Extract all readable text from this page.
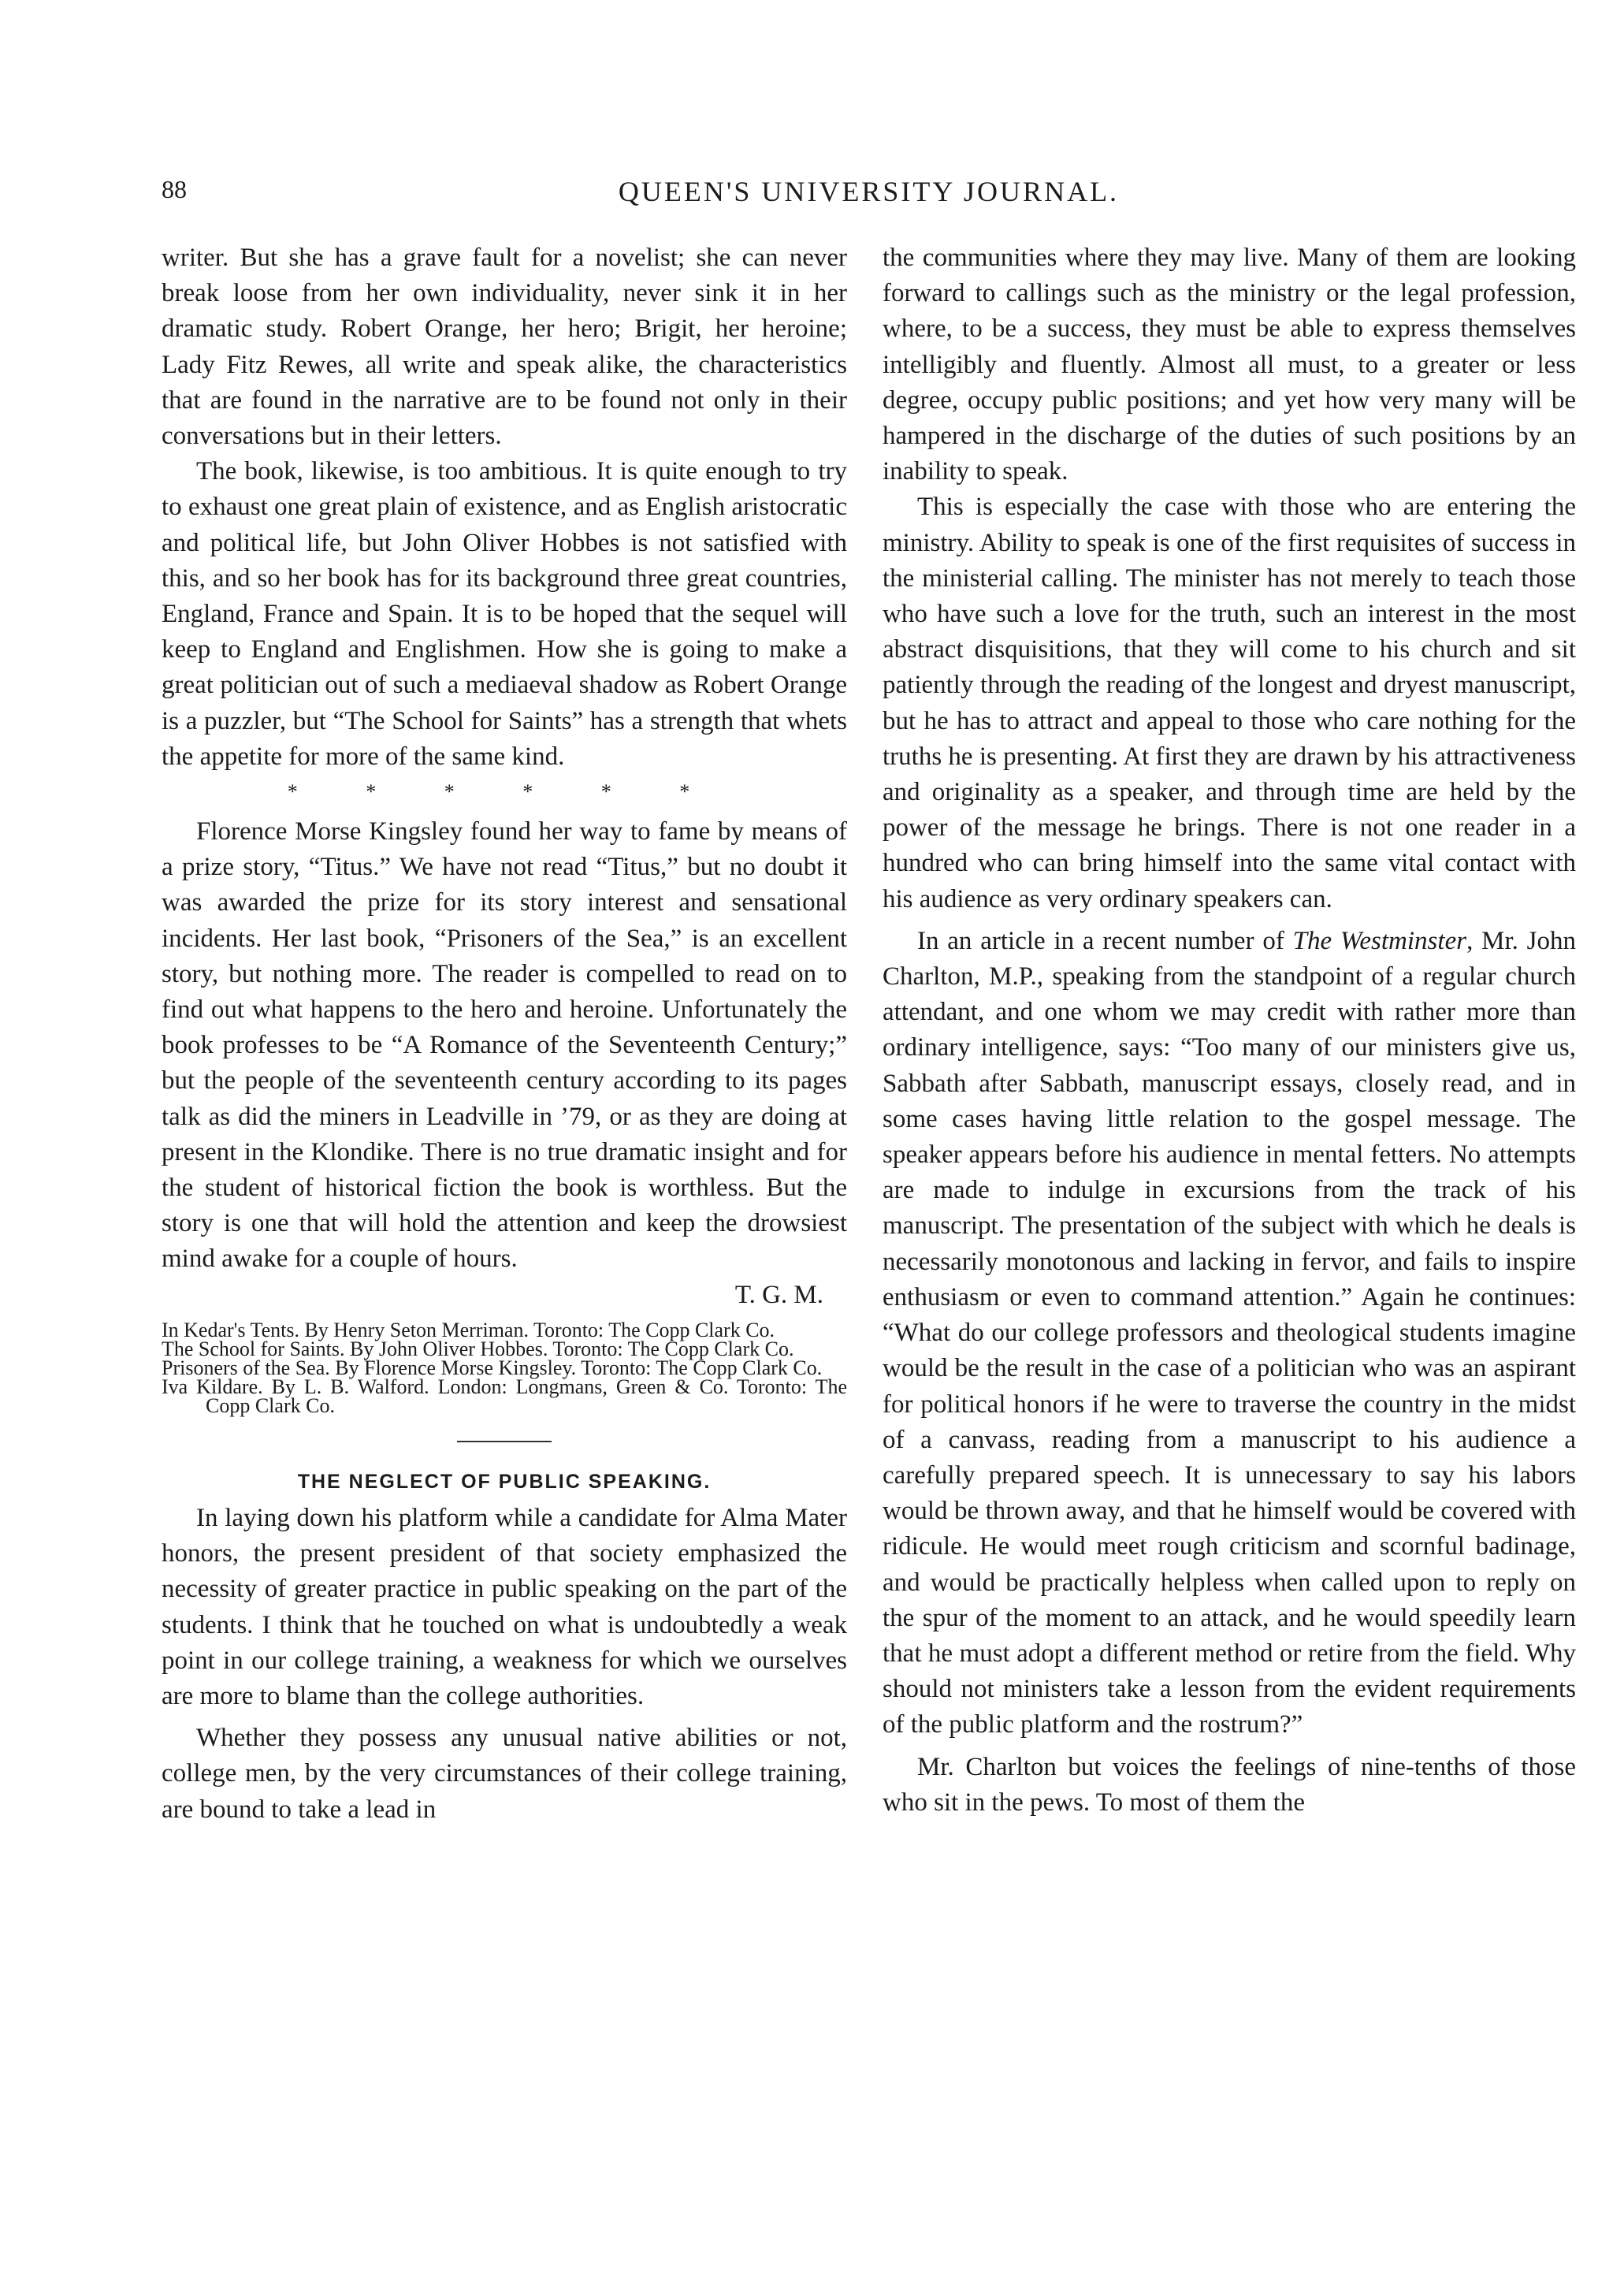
88	QUEEN'S UNIVERSITY JOURNAL.

writer. But she has a grave fault for a novelist; she can never break loose from her own individuality, never sink it in her dramatic study. Robert Orange, her hero; Brigit, her heroine; Lady Fitz Rewes, all write and speak alike, the characteristics that are found in the narrative are to be found not only in their conversations but in their letters.

The book, likewise, is too ambitious. It is quite enough to try to exhaust one great plain of existence, and as English aristocratic and political life, but John Oliver Hobbes is not satisfied with this, and so her book has for its background three great countries, England, France and Spain. It is to be hoped that the sequel will keep to England and Englishmen. How she is going to make a great politician out of such a mediaeval shadow as Robert Orange is a puzzler, but “The School for Saints” has a strength that whets the appetite for more of the same kind.

* * * * * *

Florence Morse Kingsley found her way to fame by means of a prize story, “Titus.” We have not read “Titus,” but no doubt it was awarded the prize for its story interest and sensational incidents. Her last book, “Prisoners of the Sea,” is an excellent story, but nothing more. The reader is compelled to read on to find out what happens to the hero and heroine. Unfortunately the book professes to be “A Romance of the Seventeenth Century;” but the people of the seventeenth century according to its pages talk as did the miners in Leadville in ’79, or as they are doing at present in the Klondike. There is no true dramatic insight and for the student of historical fiction the book is worthless. But the story is one that will hold the attention and keep the drowsiest mind awake for a couple of hours.

T. G. M.

In Kedar's Tents. By Henry Seton Merriman. Toronto: The Copp Clark Co.

The School for Saints. By John Oliver Hobbes. Toronto: The Copp Clark Co.

Prisoners of the Sea. By Florence Morse Kingsley. Toronto: The Copp Clark Co.

Iva Kildare. By L. B. Walford. London: Longmans, Green & Co. Toronto: The Copp Clark Co.

THE NEGLECT OF PUBLIC SPEAKING.

In laying down his platform while a candidate for Alma Mater honors, the present president of that society emphasized the necessity of greater practice in public speaking on the part of the students. I think that he touched on what is undoubtedly a weak point in our college training, a weakness for which we ourselves are more to blame than the college authorities.

Whether they possess any unusual native abilities or not, college men, by the very circumstances of their college training, are bound to take a lead in

the communities where they may live. Many of them are looking forward to callings such as the ministry or the legal profession, where, to be a success, they must be able to express themselves intelligibly and fluently. Almost all must, to a greater or less degree, occupy public positions; and yet how very many will be hampered in the discharge of the duties of such positions by an inability to speak.

This is especially the case with those who are entering the ministry. Ability to speak is one of the first requisites of success in the ministerial calling. The minister has not merely to teach those who have such a love for the truth, such an interest in the most abstract disquisitions, that they will come to his church and sit patiently through the reading of the longest and dryest manuscript, but he has to attract and appeal to those who care nothing for the truths he is presenting. At first they are drawn by his attractiveness and originality as a speaker, and through time are held by the power of the message he brings. There is not one reader in a hundred who can bring himself into the same vital contact with his audience as very ordinary speakers can.

In an article in a recent number of The Westminster, Mr. John Charlton, M.P., speaking from the standpoint of a regular church attendant, and one whom we may credit with rather more than ordinary intelligence, says: “Too many of our ministers give us, Sabbath after Sabbath, manuscript essays, closely read, and in some cases having little relation to the gospel message. The speaker appears before his audience in mental fetters. No attempts are made to indulge in excursions from the track of his manuscript. The presentation of the subject with which he deals is necessarily monotonous and lacking in fervor, and fails to inspire enthusiasm or even to command attention.” Again he continues: “What do our college professors and theological students imagine would be the result in the case of a politician who was an aspirant for political honors if he were to traverse the country in the midst of a canvass, reading from a manuscript to his audience a carefully prepared speech. It is unnecessary to say his labors would be thrown away, and that he himself would be covered with ridicule. He would meet rough criticism and scornful badinage, and would be practically helpless when called upon to reply on the spur of the moment to an attack, and he would speedily learn that he must adopt a different method or retire from the field. Why should not ministers take a lesson from the evident requirements of the public platform and the rostrum?”

Mr. Charlton but voices the feelings of nine-tenths of those who sit in the pews. To most of them the
